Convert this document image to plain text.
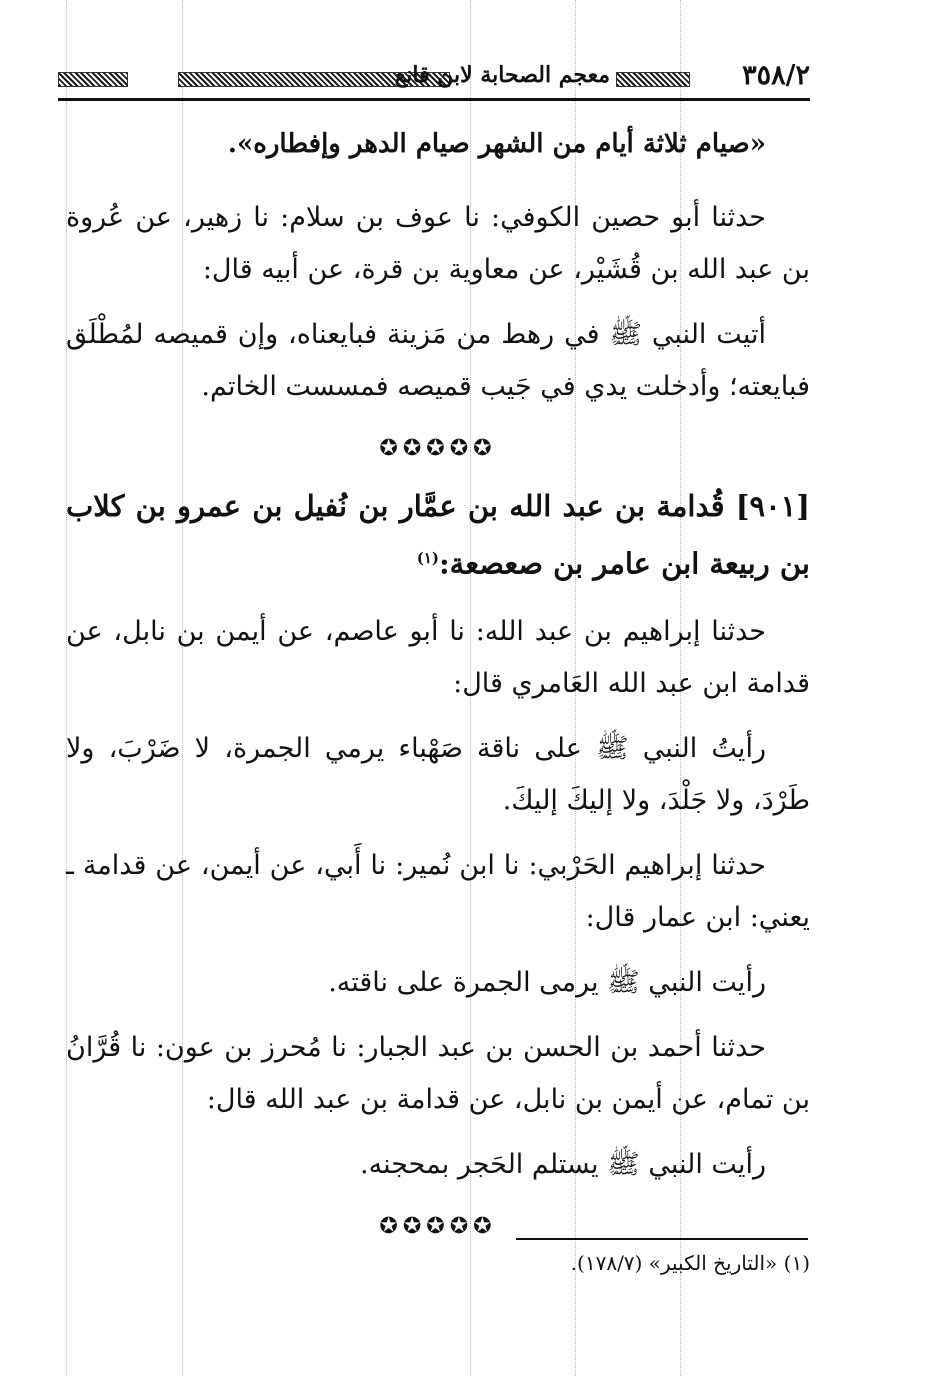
٣٥٨/٢
معجم الصحابة لابن قانع

«صيام ثلاثة أيام من الشهر صيام الدهر وإفطاره».

حدثنا أبو حصين الكوفي: نا عوف بن سلام: نا زهير، عن عُروة بن عبد الله بن قُشَيْر، عن معاوية بن قرة، عن أبيه قال:

أتيت النبي ﷺ في رهط من مَزينة فبايعناه، وإن قميصه لمُطْلَق فبايعته؛ وأدخلت يدي في جَيب قميصه فمسست الخاتم.

✪✪✪✪✪

[٩٠١] قُدامة بن عبد الله بن عمَّار بن نُفيل بن عمرو بن كلاب بن ربيعة ابن عامر بن صعصعة:$^{(١)}$

حدثنا إبراهيم بن عبد الله: نا أبو عاصم، عن أيمن بن نابل، عن قدامة ابن عبد الله العَامري قال:

رأيتُ النبي ﷺ على ناقة صَهْباء يرمي الجمرة، لا ضَرْبَ، ولا طَرْدَ، ولا جَلْدَ، ولا إليكَ إليكَ.

حدثنا إبراهيم الحَرْبي: نا ابن نُمير: نا أَبي، عن أيمن، عن قدامة ـ يعني: ابن عمار قال:

رأيت النبي ﷺ يرمى الجمرة على ناقته.

حدثنا أحمد بن الحسن بن عبد الجبار: نا مُحرز بن عون: نا قُرَّانُ بن تمام، عن أيمن بن نابل، عن قدامة بن عبد الله قال:

رأيت النبي ﷺ يستلم الحَجر بمحجنه.

✪✪✪✪✪
(١) «التاريخ الكبير» (١٧٨/٧).
